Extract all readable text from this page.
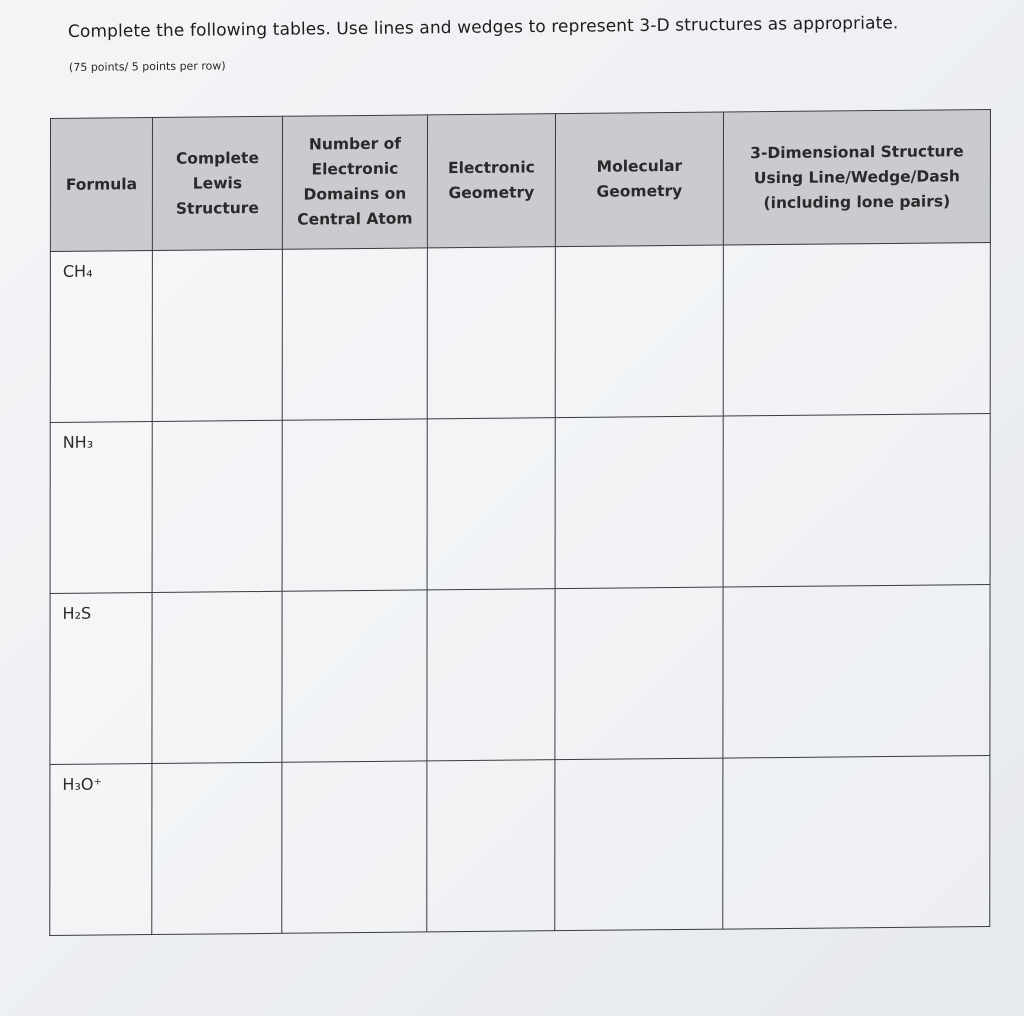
Complete the following tables. Use lines and wedges to represent 3-D structures as appropriate.
(75 points/ 5 points per row)
Formula	Complete Lewis Structure	Number of Electronic Domains on Central Atom	Electronic Geometry	Molecular Geometry	3-Dimensional Structure Using Line/Wedge/Dash (including lone pairs)
CH₄					
NH₃					
H₂S					
H₃O⁺					
